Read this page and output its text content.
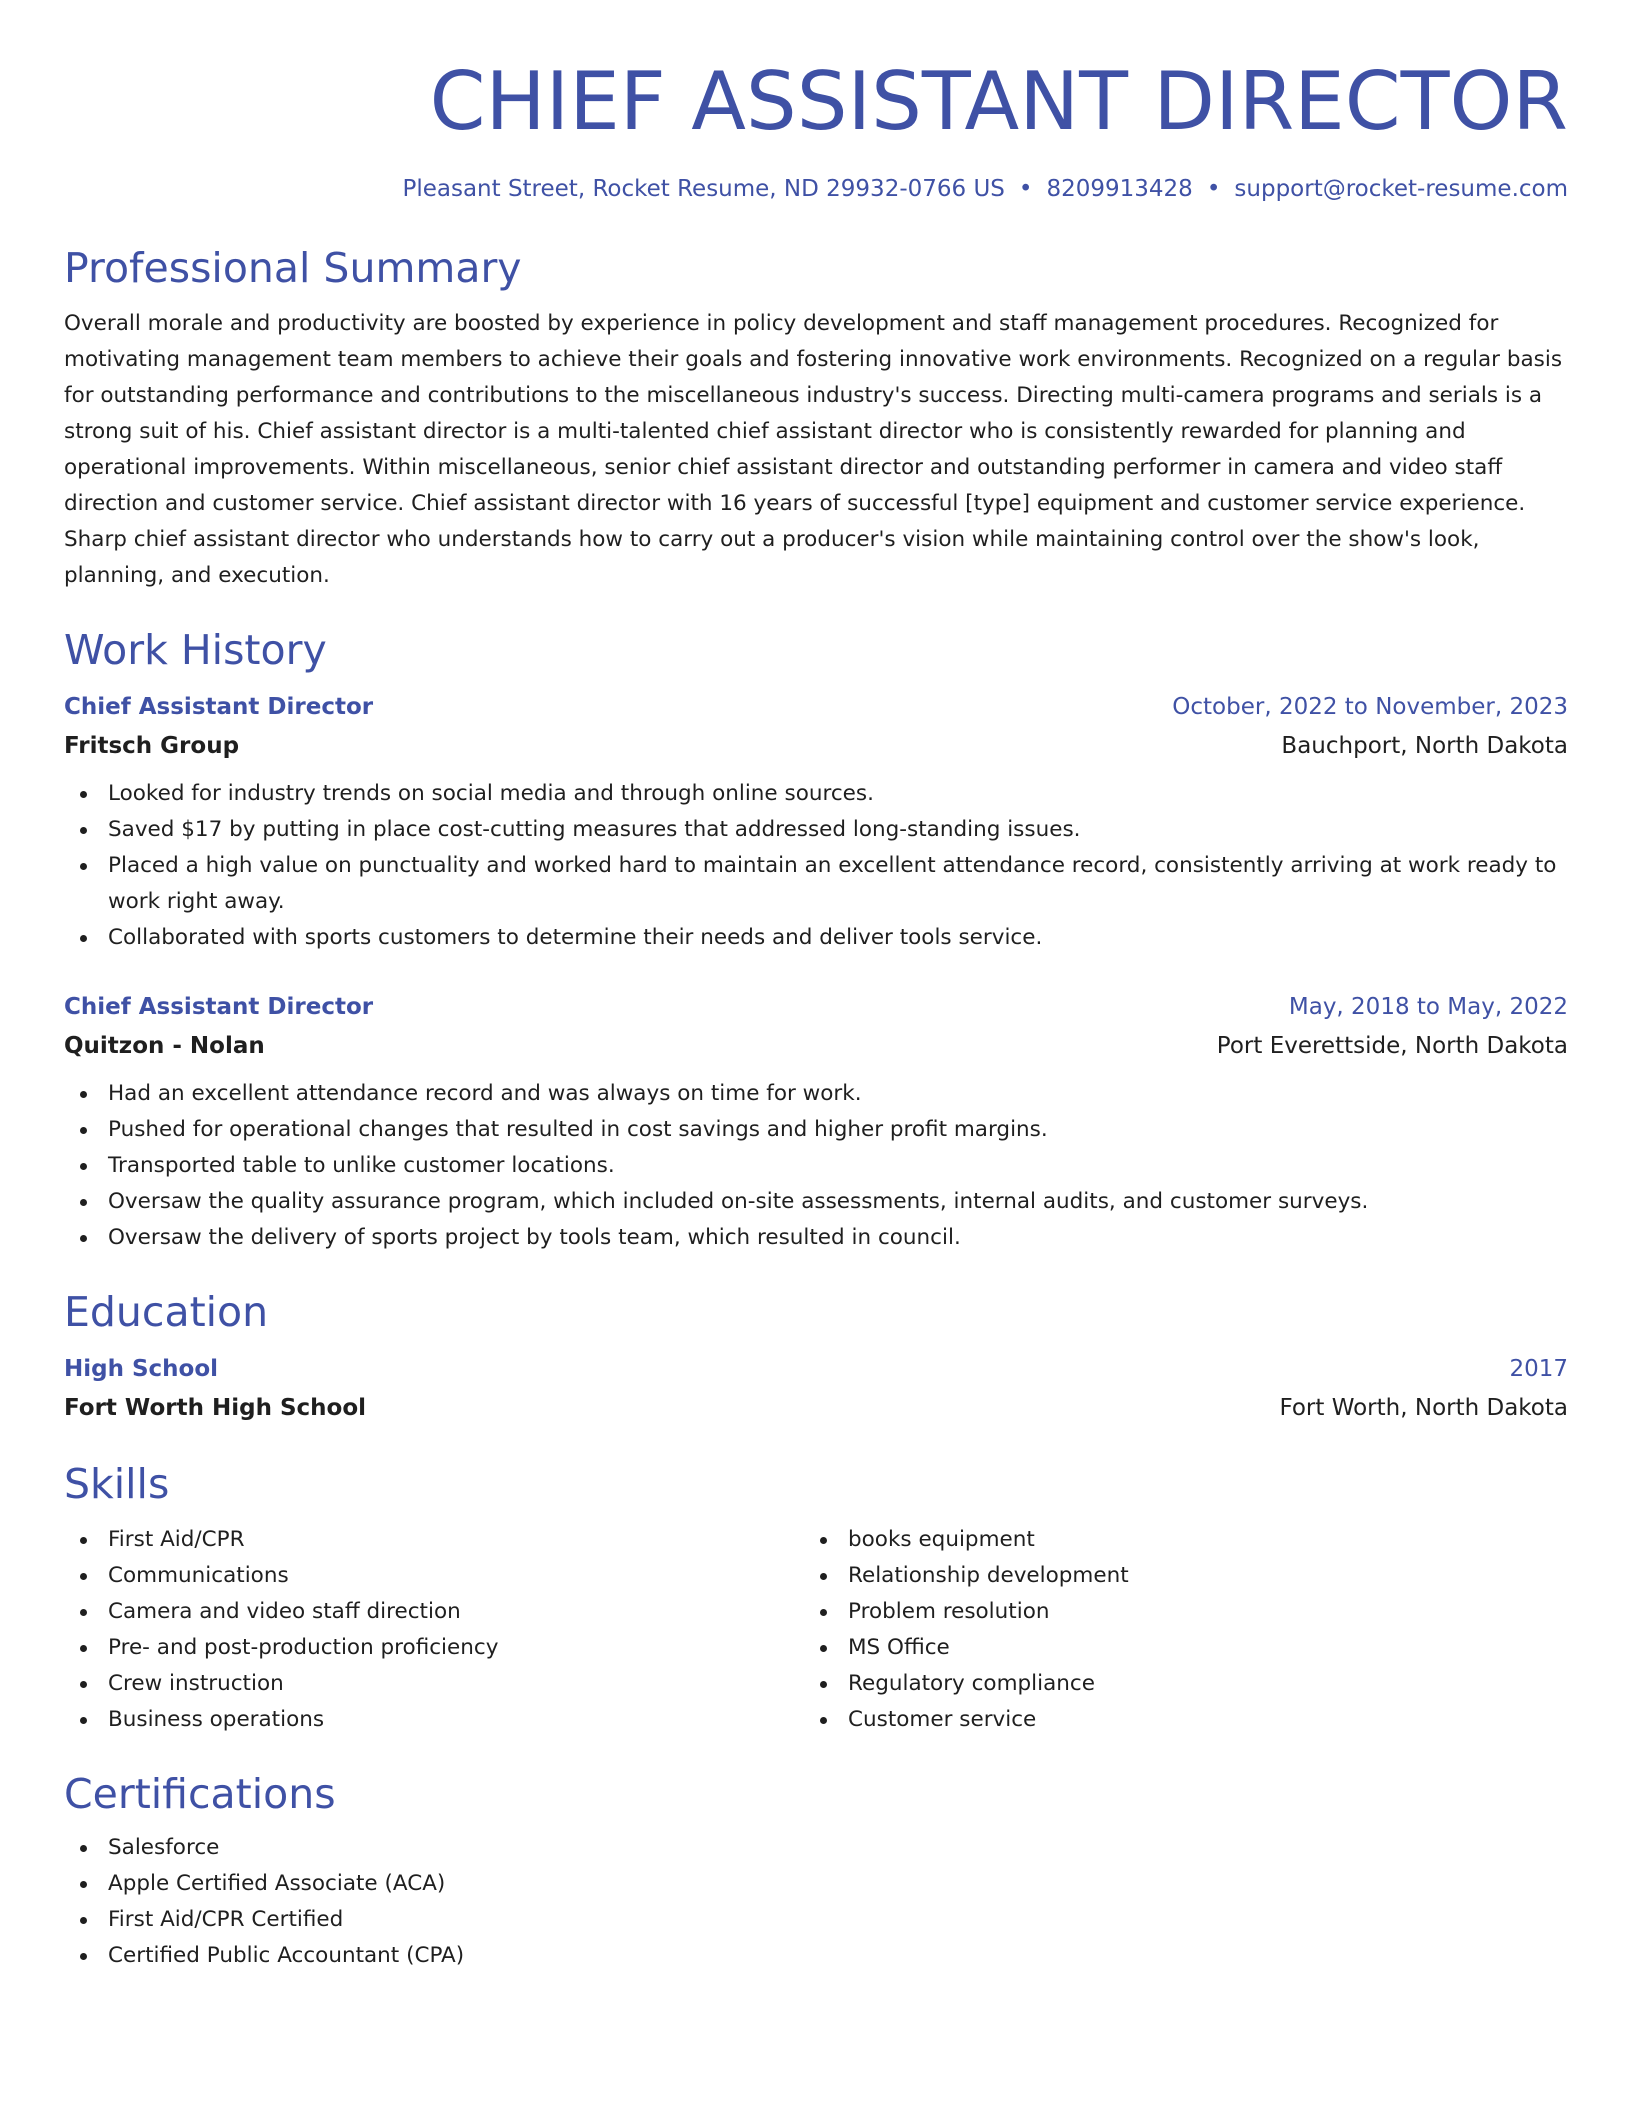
CHIEF ASSISTANT DIRECTOR
Pleasant Street, Rocket Resume, ND 29932-0766 US • 8209913428 • support@rocket-resume.com
Professional Summary

Overall morale and productivity are boosted by experience in policy development and staff management procedures. Recognized for motivating management team members to achieve their goals and fostering innovative work environments. Recognized on a regular basis for outstanding performance and contributions to the miscellaneous industry's success. Directing multi-camera programs and serials is a strong suit of his. Chief assistant director is a multi-talented chief assistant director who is consistently rewarded for planning and operational improvements. Within miscellaneous, senior chief assistant director and outstanding performer in camera and video staff direction and customer service. Chief assistant director with 16 years of successful [type] equipment and customer service experience. Sharp chief assistant director who understands how to carry out a producer's vision while maintaining control over the show's look, planning, and execution.

Work History
Chief Assistant Director	October, 2022 to November, 2023
Fritsch Group	Bauchport, North Dakota
Looked for industry trends on social media and through online sources.
Saved $17 by putting in place cost-cutting measures that addressed long-standing issues.
Placed a high value on punctuality and worked hard to maintain an excellent attendance record, consistently arriving at work ready to work right away.
Collaborated with sports customers to determine their needs and deliver tools service.
Chief Assistant Director	May, 2018 to May, 2022
Quitzon - Nolan	Port Everettside, North Dakota
Had an excellent attendance record and was always on time for work.
Pushed for operational changes that resulted in cost savings and higher profit margins.
Transported table to unlike customer locations.
Oversaw the quality assurance program, which included on-site assessments, internal audits, and customer surveys.
Oversaw the delivery of sports project by tools team, which resulted in council.
Education
High School	2017
Fort Worth High School	Fort Worth, North Dakota
Skills
First Aid/CPR
Communications
Camera and video staff direction
Pre- and post-production proficiency
Crew instruction
Business operations
books equipment
Relationship development
Problem resolution
MS Office
Regulatory compliance
Customer service
Certifications
Salesforce
Apple Certified Associate (ACA)
First Aid/CPR Certified
Certified Public Accountant (CPA)
